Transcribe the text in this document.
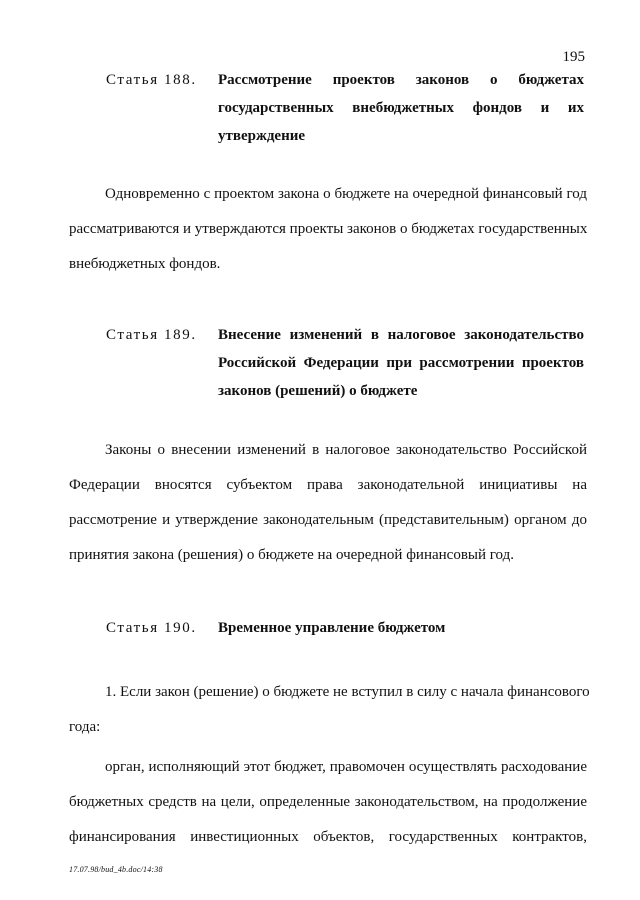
195
Статья 188.	Рассмотрение проектов законов о бюджетах
государственных внебюджетных фондов и их
утверждение
Одновременно с проектом закона о бюджете на очередной финансовый год
рассматриваются и утверждаются проекты законов о бюджетах государственных
внебюджетных фондов.
Статья 189.	Внесение изменений в налоговое законодательство
Российской Федерации при рассмотрении проектов
законов (решений) о бюджете
Законы о внесении изменений в налоговое законодательство Российской
Федерации вносятся субъектом права законодательной инициативы на
рассмотрение и утверждение законодательным (представительным) органом до
принятия закона (решения) о бюджете на очередной финансовый год.
Статья 190.	Временное управление бюджетом
1. Если закон (решение) о бюджете не вступил в силу с начала финансового
года:
орган, исполняющий этот бюджет, правомочен осуществлять расходование
бюджетных средств на цели, определенные законодательством, на продолжение
финансирования инвестиционных объектов, государственных контрактов,
17.07.98/bud_4b.doc/14:38
